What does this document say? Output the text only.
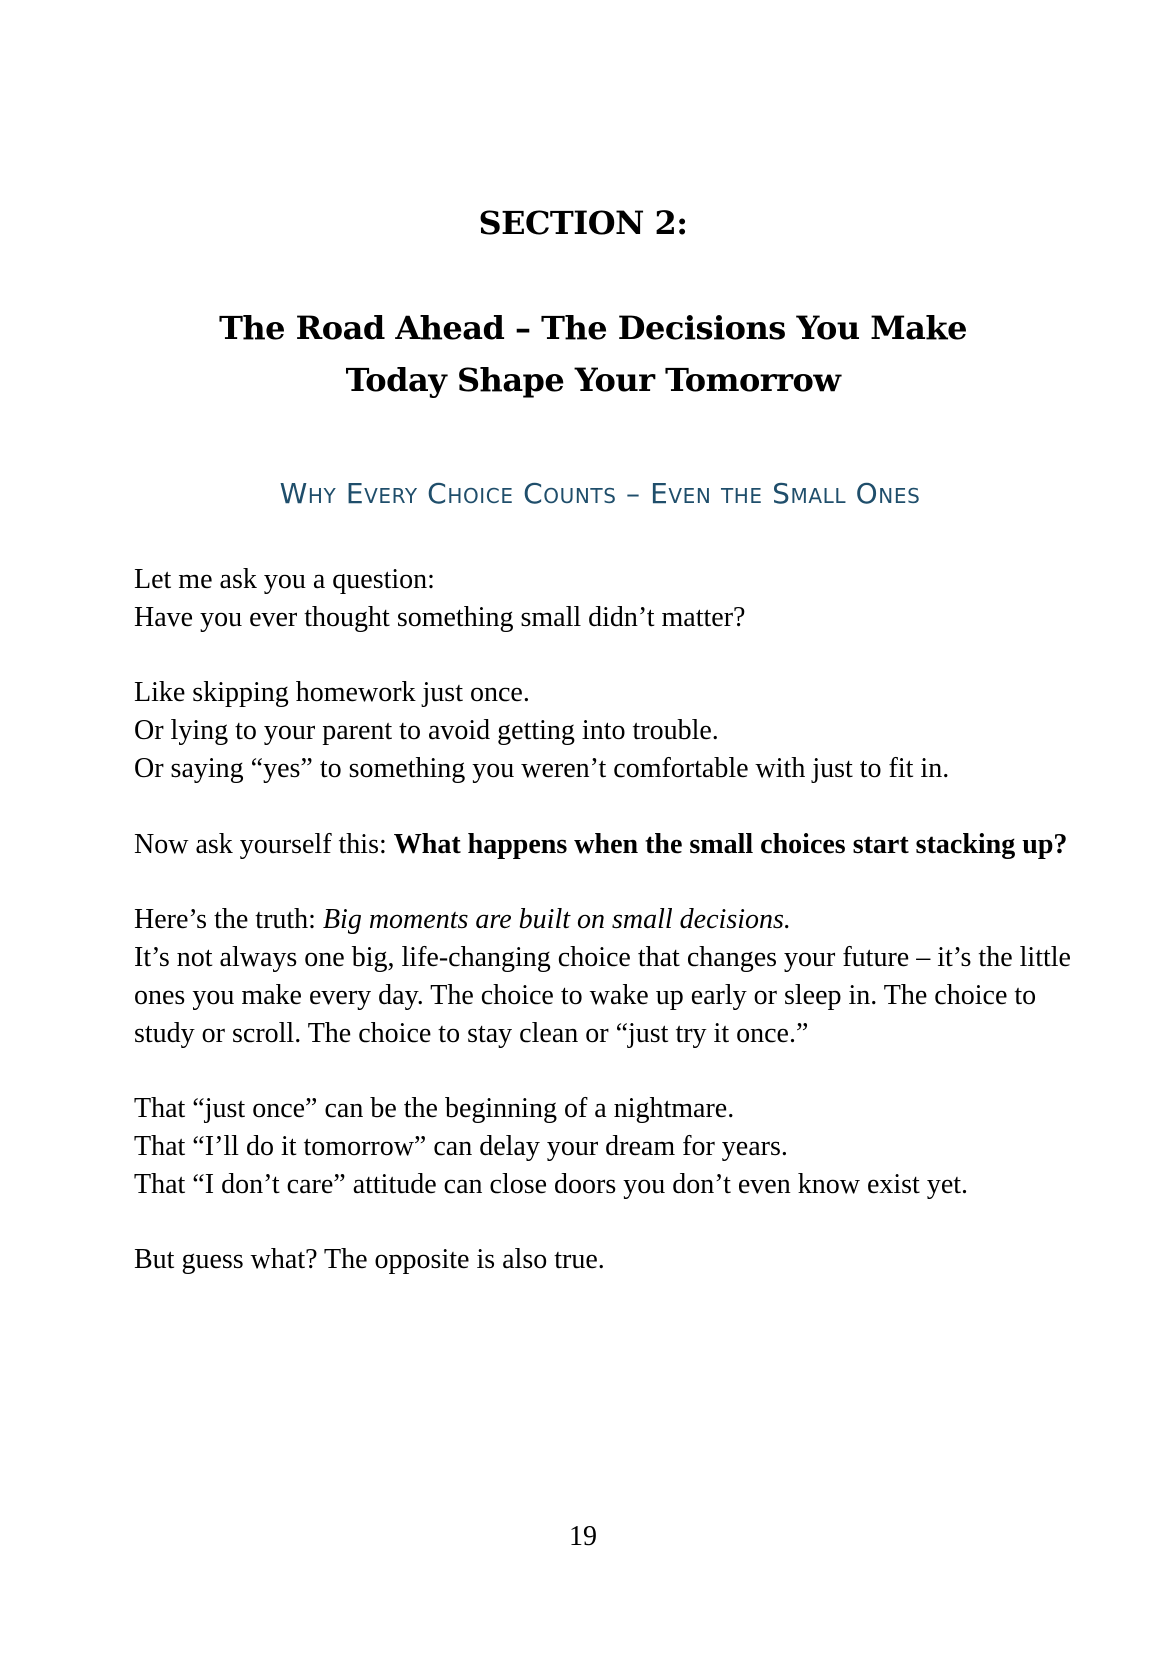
SECTION 2:
The Road Ahead – The Decisions You Make
Today Shape Your Tomorrow
Why Every Choice Counts – Even the Small Ones

Let me ask you a question:
Have you ever thought something small didn’t matter?

Like skipping homework just once.
Or lying to your parent to avoid getting into trouble.
Or saying “yes” to something you weren’t comfortable with just to fit in.

Now ask yourself this: What happens when the small choices start stacking up?

Here’s the truth: Big moments are built on small decisions.
It’s not always one big, life-changing choice that changes your future – it’s the little ones you make every day. The choice to wake up early or sleep in. The choice to study or scroll. The choice to stay clean or “just try it once.”

That “just once” can be the beginning of a nightmare.
That “I’ll do it tomorrow” can delay your dream for years.
That “I don’t care” attitude can close doors you don’t even know exist yet.

But guess what? The opposite is also true.

19
